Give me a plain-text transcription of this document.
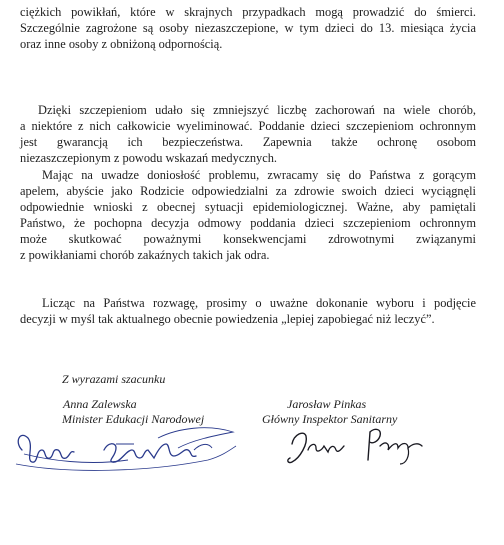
ciężkich powikłań, które w skrajnych przypadkach mogą prowadzić do śmierci.
Szczególnie zagrożone są osoby niezaszczepione, w tym dzieci do 13. miesiąca życia
oraz inne osoby z obniżoną odpornością.

Dzięki szczepieniom udało się zmniejszyć liczbę zachorowań na wiele chorób,
a niektóre z nich całkowicie wyeliminować. Poddanie dzieci szczepieniom ochronnym
jest gwarancją ich bezpieczeństwa. Zapewnia także ochronę osobom
niezaszczepionym z powodu wskazań medycznych.

Mając na uwadze doniosłość problemu, zwracamy się do Państwa z gorącym
apelem, abyście jako Rodzicie odpowiedzialni za zdrowie swoich dzieci wyciągnęli
odpowiednie wnioski z obecnej sytuacji epidemiologicznej. Ważne, aby pamiętali
Państwo, że pochopna decyzja odmowy poddania dzieci szczepieniom ochronnym
może skutkować poważnymi konsekwencjami zdrowotnymi związanymi
z powikłaniami chorób zakaźnych takich jak odra.

Licząc na Państwa rozwagę, prosimy o uważne dokonanie wyboru i podjęcie
decyzji w myśl tak aktualnego obecnie powiedzenia „lepiej zapobiegać niż leczyć”.

Z wyrazami szacunku
Anna Zalewska
Minister Edukacji Narodowej
Jarosław Pinkas
Główny Inspektor Sanitarny
